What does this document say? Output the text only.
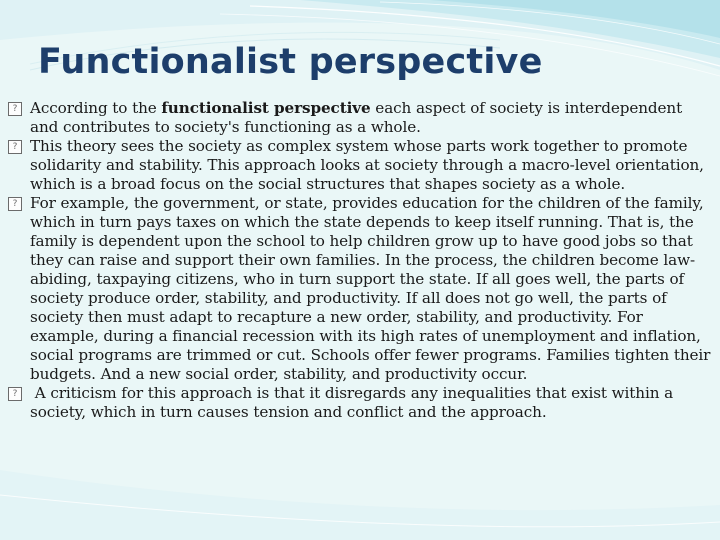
Functionalist perspective
?
According to the functionalist perspective each aspect of society is interdependent and contributes to society's functioning as a whole.
?
This theory sees the society as complex system whose parts work together to promote solidarity and stability. This approach looks at society through a macro-level orientation, which is a broad focus on the social structures that shapes society as a whole.
?
For example, the government, or state, provides education for the children of the family, which in turn pays taxes on which the state depends to keep itself running. That is, the family is dependent upon the school to help children grow up to have good jobs so that they can raise and support their own families. In the process, the children become law-abiding, taxpaying citizens, who in turn support the state. If all goes well, the parts of society produce order, stability, and productivity. If all does not go well, the parts of society then must adapt to recapture a new order, stability, and productivity. For example, during a financial recession with its high rates of unemployment and inflation, social programs are trimmed or cut. Schools offer fewer programs. Families tighten their budgets. And a new social order, stability, and productivity occur.
?
A criticism for this approach is that it disregards any inequalities that exist within a society, which in turn causes tension and conflict and the approach.
